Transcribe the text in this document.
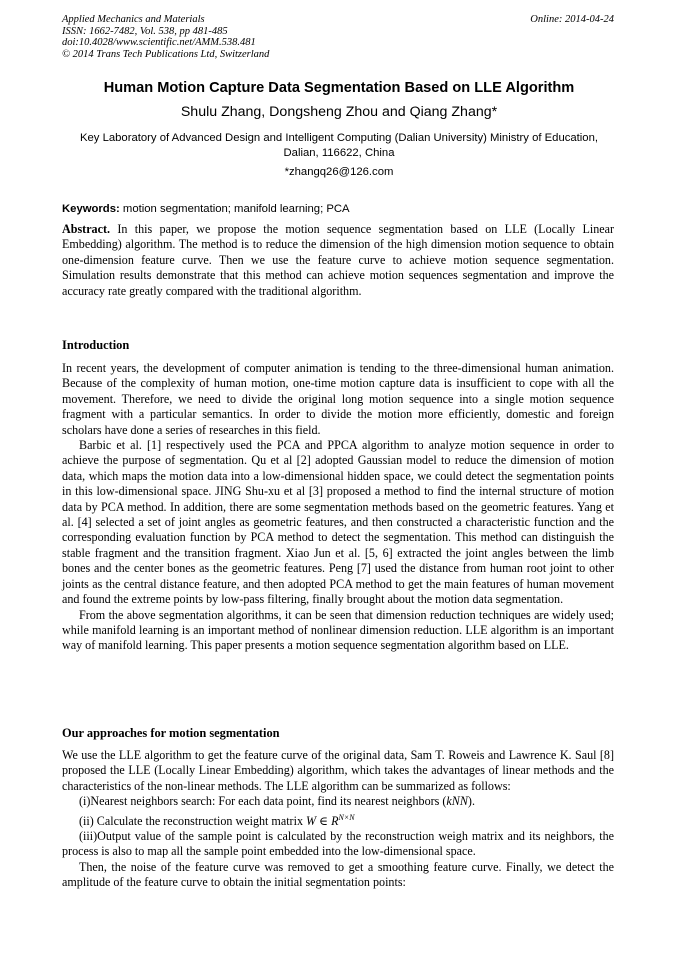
Applied Mechanics and Materials
ISSN: 1662-7482, Vol. 538, pp 481-485
doi:10.4028/www.scientific.net/AMM.538.481
© 2014 Trans Tech Publications Ltd, Switzerland
Online: 2014-04-24
Human Motion Capture Data Segmentation Based on LLE Algorithm
Shulu Zhang, Dongsheng Zhou and Qiang Zhang*
Key Laboratory of Advanced Design and Intelligent Computing (Dalian University) Ministry of Education, Dalian, 116622, China
*zhangq26@126.com
Keywords: motion segmentation; manifold learning; PCA

Abstract. In this paper, we propose the motion sequence segmentation based on LLE (Locally Linear Embedding) algorithm. The method is to reduce the dimension of the high dimension motion sequence to obtain one-dimension feature curve. Then we use the feature curve to achieve motion sequence segmentation. Simulation results demonstrate that this method can achieve motion sequences segmentation and improve the accuracy rate greatly compared with the traditional algorithm.

Introduction

In recent years, the development of computer animation is tending to the three-dimensional human animation. Because of the complexity of human motion, one-time motion capture data is insufficient to cope with all the movement. Therefore, we need to divide the original long motion sequence into a single motion sequence fragment with a particular semantics. In order to divide the motion more efficiently, domestic and foreign scholars have done a series of researches in this field.

Barbic et al. [1] respectively used the PCA and PPCA algorithm to analyze motion sequence in order to achieve the purpose of segmentation. Qu et al [2] adopted Gaussian model to reduce the dimension of motion data, which maps the motion data into a low-dimensional hidden space, we could detect the segmentation points in this low-dimensional space. JING Shu-xu et al [3] proposed a method to find the internal structure of motion data by PCA method. In addition, there are some segmentation methods based on the geometric features. Yang et al. [4] selected a set of joint angles as geometric features, and then constructed a characteristic function and the corresponding evaluation function by PCA method to detect the segmentation. This method can distinguish the stable fragment and the transition fragment. Xiao Jun et al. [5, 6] extracted the joint angles between the limb bones and the center bones as the geometric features. Peng [7] used the distance from human root joint to other joints as the central distance feature, and then adopted PCA method to get the main features of human movement and found the extreme points by low-pass filtering, finally brought about the motion data segmentation.

From the above segmentation algorithms, it can be seen that dimension reduction techniques are widely used; while manifold learning is an important method of nonlinear dimension reduction. LLE algorithm is an important way of manifold learning. This paper presents a motion sequence segmentation algorithm based on LLE.

Our approaches for motion segmentation

We use the LLE algorithm to get the feature curve of the original data, Sam T. Roweis and Lawrence K. Saul [8] proposed the LLE (Locally Linear Embedding) algorithm, which takes the advantages of linear methods and the characteristics of the non-linear methods. The LLE algorithm can be summarized as follows:

(i)Nearest neighbors search: For each data point, find its nearest neighbors (kNN).

(ii) Calculate the reconstruction weight matrix W ∈ $R^{N\times N}$

(iii)Output value of the sample point is calculated by the reconstruction weigh matrix and its neighbors, the process is also to map all the sample point embedded into the low-dimensional space.

Then, the noise of the feature curve was removed to get a smoothing feature curve. Finally, we detect the amplitude of the feature curve to obtain the initial segmentation points:
